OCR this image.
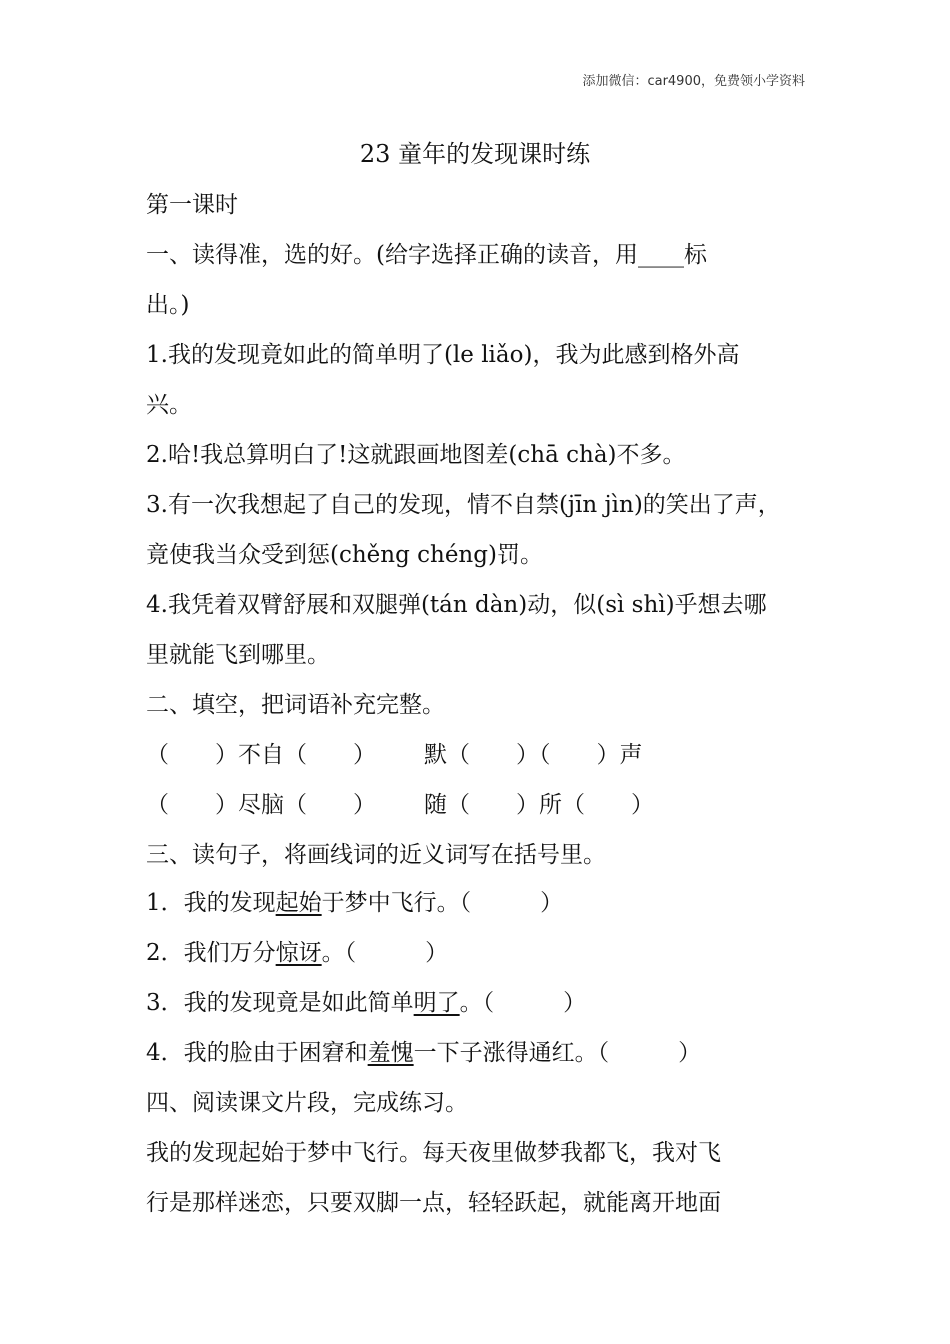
添加微信：car4900，免费领小学资料
23 童年的发现课时练
第一课时
一、读得准，选的好。(给字选择正确的读音，用____标
出。)
1.我的发现竟如此的简单明了(le liǎo)，我为此感到格外高
兴。
2.哈!我总算明白了!这就跟画地图差(chā chà)不多。
3.有一次我想起了自己的发现，情不自禁(jīn jìn)的笑出了声，
竟使我当众受到惩(chěng chéng)罚。
4.我凭着双臂舒展和双腿弹(tán dàn)动，似(sì shì)乎想去哪
里就能飞到哪里。
二、填空，把词语补充完整。
（　　）不自（　　） 默（　　）（　　）声
（　　）尽脑（　　） 随（　　）所（　　）
三、读句子，将画线词的近义词写在括号里。
1．我的发现起始于梦中飞行。（　　　）
2．我们万分惊讶。（　　　）
3．我的发现竟是如此简单明了。（　　　）
4．我的脸由于困窘和羞愧一下子涨得通红。（　　　）
四、阅读课文片段，完成练习。
我的发现起始于梦中飞行。每天夜里做梦我都飞，我对飞
行是那样迷恋，只要双脚一点，轻轻跃起，就能离开地面
